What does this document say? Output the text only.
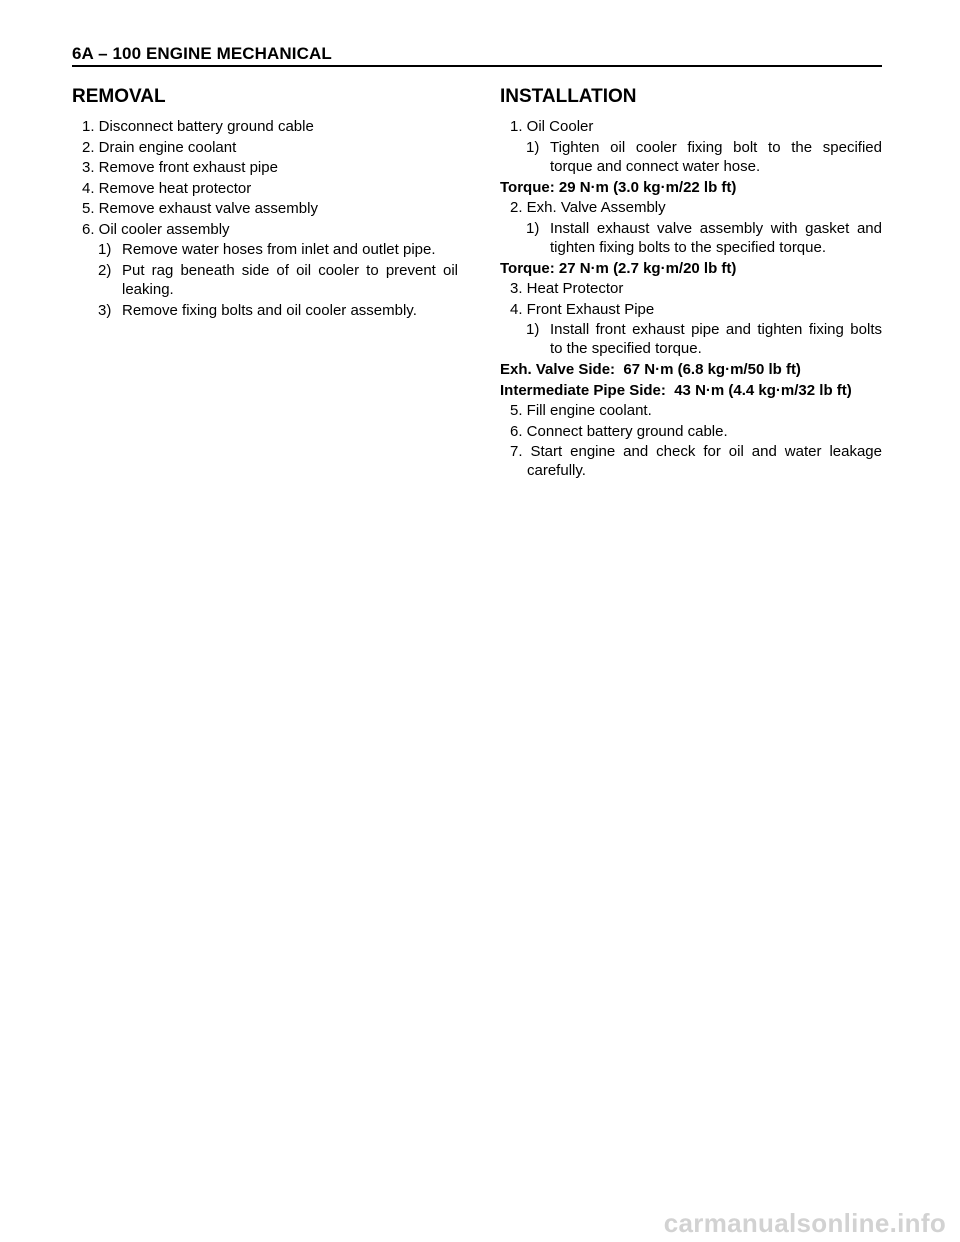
6A – 100 ENGINE MECHANICAL
REMOVAL
1. Disconnect battery ground cable
2. Drain engine coolant
3. Remove front exhaust pipe
4. Remove heat protector
5. Remove exhaust valve assembly
6. Oil cooler assembly
1) Remove water hoses from inlet and outlet pipe.
2) Put rag beneath side of oil cooler to prevent oil leaking.
3) Remove fixing bolts and oil cooler assembly.
INSTALLATION
1. Oil Cooler
1) Tighten oil cooler fixing bolt to the specified torque and connect water hose.
Torque: 29 N·m (3.0 kg·m/22 lb ft)
2. Exh. Valve Assembly
1) Install exhaust valve assembly with gasket and tighten fixing bolts to the specified torque.
Torque: 27 N·m (2.7 kg·m/20 lb ft)
3. Heat Protector
4. Front Exhaust Pipe
1) Install front exhaust pipe and tighten fixing bolts to the specified torque.
Exh. Valve Side:  67 N·m (6.8 kg·m/50 lb ft)
Intermediate Pipe Side:  43 N·m (4.4 kg·m/32 lb ft)
5. Fill engine coolant.
6. Connect battery ground cable.
7. Start engine and check for oil and water leakage carefully.
carmanualsonline.info
